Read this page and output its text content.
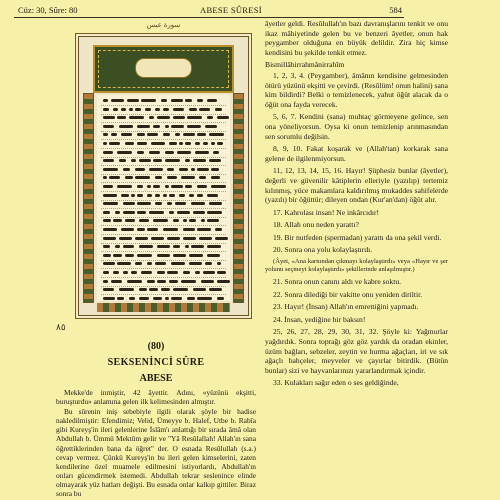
Cüz: 30, Sûre: 80	ABESE SÛRESİ	584
سورة عبس
٨٥
(80)
SEKSENİNCİ SÛRE
ABESE

Mekke'de inmiştir, 42 âyettir. Adını, «yüzünü ekşitti, buruşturdu» anlamına gelen ilk kelimesinden almıştır.

Bu sûrenin iniş sebebiyle ilgili olarak şöyle bir hadise nakledilmiştir: Efendimiz; Velid, Ümeyye b. Halef, Utbe b. Rabîa gibi Kureyş'in ileri gelenlerine İslâm'ı anlattığı bir sırada âmâ olan Abdullah b. Ümmü Mektûm gelir ve "Yâ Resûlallah! Allah'ın sana öğrettiklerinden bana da öğret" der. O esnada Resûlullah (s.a.) cevap vermez. Çünkü Kureyş'in bu ileri gelen kimselerini, zaten kendilerine özel muamele edilmesini istiyorlardı, Abdullah'ın onları gücendirmek istemedi. Abdullah tekrar seslenince elinde olmayarak yüz hatları değişti. Bu esnada onlar kalkıp gittiler. Biraz sonra bu

âyetler geldi. Resûlullah'ın bazı davranışlarını tenkit ve onu ikaz mâhiyetinde gelen bu ve benzeri âyetler, onun hak peygamber olduğuna en büyük delildir. Zira hiç kimse kendisini bu şekilde tenkit etmez.

Bismillâhirrahmânirrahîm

1, 2, 3, 4. (Peygamber), âmânın kendisine gelmesinden ötürü yüzünü ekşitti ve çevirdi. (Resûlüm! onun halini) sana kim bildirdi? Belki o temizlenecek, yahut öğüt alacak da o öğüt ona fayda verecek.

5, 6, 7. Kendini (sana) muhtaç görmeyene gelince, sen ona yöneliyorsun. Oysa ki onun temizlenip arınmasından sen sorumlu değilsin.

8, 9, 10. Fakat koşarak ve (Allah'tan) korkarak sana gelene de ilgilenmiyorsun.

11, 12, 13, 14, 15, 16. Hayır! Şüphesiz bunlar (âyetler), değerli ve güvenilir kâtiplerin elleriyle (yazılıp) tertemiz kılınmış, yüce makamlara kaldırılmış mukaddes sahifelerde (yazılı) bir öğüttür; dileyen ondan (Kur'an'dan) öğüt alır.

17. Kahrolası insan! Ne inkârcıdır!

18. Allah onu neden yarattı?

19. Bir nutfeden (spermadan) yarattı da ona şekil verdi.

20. Sonra ona yolu kolaylaştırdı.

(Âyet, «Ana karnından çıkmayı kolaylaştırdı» veya «Hayır ve şer yolunu seçmeyi kolaylaştırdı» şekillerinde anlaşılmıştır.)

21. Sonra onun canını aldı ve kabre soktu.

22. Sonra dilediği bir vakitte onu yeniden diriltir.

23. Hayır! (İnsan) Allah'ın emrettiğini yapmadı.

24. İnsan, yediğine bir baksın!

25, 26, 27, 28, 29, 30, 31, 32. Şöyle ki: Yağmurlar yağdırdık. Sonra toprağı göz göz yardık da oradan ekinler, üzüm bağları, sebzeler, zeytin ve hurma ağaçları, iri ve sık ağaçlı bahçeler, meyveler ve çayırlar bitirdik. (Bütün bunlar) sizi ve hayvanlarınızı yararlandırmak içindir.

33. Kulakları sağır eden o ses geldiğinde,
